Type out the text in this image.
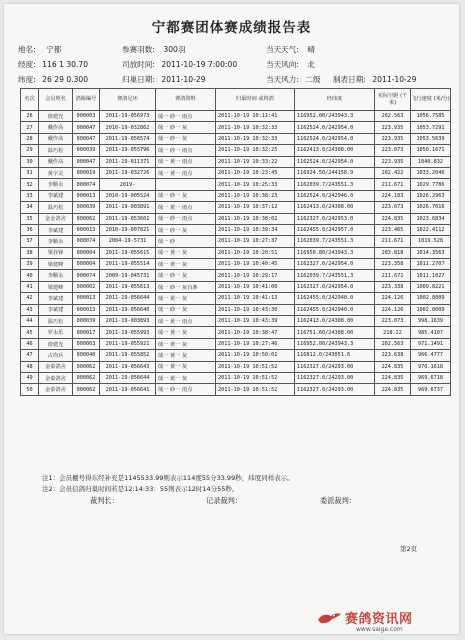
宁都赛团体赛成绩报告表
地名: 宁都
经度: 116 1 30.70
纬度: 26 29 0.300
参赛羽数: 300羽
司放时间: 2011-10-19 7:00:00
归巢日期: 2011-10-29
当天天气: 晴
当天风向: 北
当天风力: 二级 制表日期: 2011-10-29
名次	会员姓名	鸽箍编号	赛鸽足环	赛鸽资料	归巢时间 或终鸽	经纬度	实际空距 (千米)	飞行速度 (米/分)
26	徐建光	000003	2011-19-056973	绒一 砂一 雨点	2011-10-19 10:11:41	116952.00/243943.3	202.563	1056.7585
27	戴作高	000047	2010-19-032862	绒一 砂一 灰	2011-10-19 10:32:33	1162524.0/242954.0	223.935	1053.7291
28	戴作高	000047	2011-19-056574	绒一 砂一 灰	2011-10-19 10:32:33	1162524.0/242954.0	223.935	1053.5639
29	温巧松	000039	2011-19-055796	绒一 砂一 雨点	2011-10-19 10:32:25	1162413.0/24308.00	223.073	1050.1671
30	戴作高	000047	2011-19-011371	绒一 黄一 雨点	2011-10-19 10:33:22	1162524.0/242954.0	223.935	1040.832
31	黄宇灵	000019	2011-19-032726	绒一 黄一 雨点	2011-10-19 10:23:45	116924.50/244158.9	202.422	1033.2046
32	李顺永	000074	2019-		2011-10-19 10:25:33	1162039.7/243551.3	211.671	1029.7786
33	李斌建	000013	2010-19-005524	绒一 砂一 灰	2011-10-19 10:38:23	1162524.0/242946.0	224.183	1026.2963
34	温巧松	000039	2011-19-003891	绒一 黄一 雨点	2011-10-19 10:37:12	1162413.0/24308.00	223.073	1026.7016
35	金金鸽舍	000062	2011-19-053601	绒一 砂一 雨点	2011-10-19 10:38:02	1162327.0/242953.0	224.835	1023.6834
36	李斌建	000013	2010-19-007821	绒一 砂一 灰	2011-10-19 10:39:34	1162455.0/242957.0	223.465	1022.4112
37	李顺永	000074	2004-19-5731	绒一 砂	2011-10-19 10:27:37	1162039.7/243551.3	211.671	1019.528
38	梁谷锋	000004	2011-19-055615	绒一 黄一 灰	2011-10-19 10:20:51	116950.80/243943.3	203.818	1014.3563
39	梁建峰	000004	2011-19-055514	绒一 黄一 灰	2011-10-19 10:40:45	1162327.0/242954.0	223.358	1011.2707
40	李顺永	000074	2009-19-045731	绒一 砂一 灰	2011-10-19 10:29:17	1162039.7/243551.3	211.671	1011.1027
41	梁建峰	000002	2011-19-055613	绒一 砂一 灰白条	2011-10-19 10:41:00	1162327.0/242954.0	223.338	1009.8221
42	李斌建	000013	2011-19-056644	绒一 黄一 灰	2011-10-19 10:41:13	1162455.0/242940.0	224.126	1002.8009
43	李斌建	000013	2011-19-056640	绒一 砂一 灰	2011-10-19 10:43:30	1162455.0/242940.0	224.126	1002.8009
44	温巧松	000039	2011-19-003893	绒一 黄一 雨点	2011-10-19 10:43:39	1162413.0/24308.00	223.073	998.1639
45	罗永乐	000017	2011-19-055993	绒一 黄一 灰	2011-10-19 10:38:47	116751.60/24308.00	218.22	985.4107
46	徐建光	000003	2011-19-055921	绒一 黄一 灰	2011-10-19 10:27:46	116952.00/243943.3	202.563	971.1491
47	古均兵	000040	2011-19-055852	绒一 黄一 灰	2011-10-19 10:50:01	116812.0/243051.6	223.638	966.4777
48	金泰鸽舍	000062	2011-19-056643	绒一 黄一 灰	2011-10-19 10:51:52	1162327.0/24293.00	224.835	970.1618
49	金泰鸽舍	000062	2011-19-056644	绒一 黄一 灰	2011-10-19 10:51:52	1162327.0/24293.00	224.835	969.6718
50	金泰鸽舍	000062	2011-19-056641	绒一 砂一 雨点	2011-10-19 10:51:52	1162327.0/24293.00	224.835	969.6737
注1：会员棚号得东经补充是1145533.99则表示114度55分33.99秒，纬度同样表示。
注2：会员信鸽归巢时间若是12:14:33：55则表示12时14分55秒。
裁判长：	记录裁判：	委派裁判：
第2页
赛鸽资讯网
www.saige.com
